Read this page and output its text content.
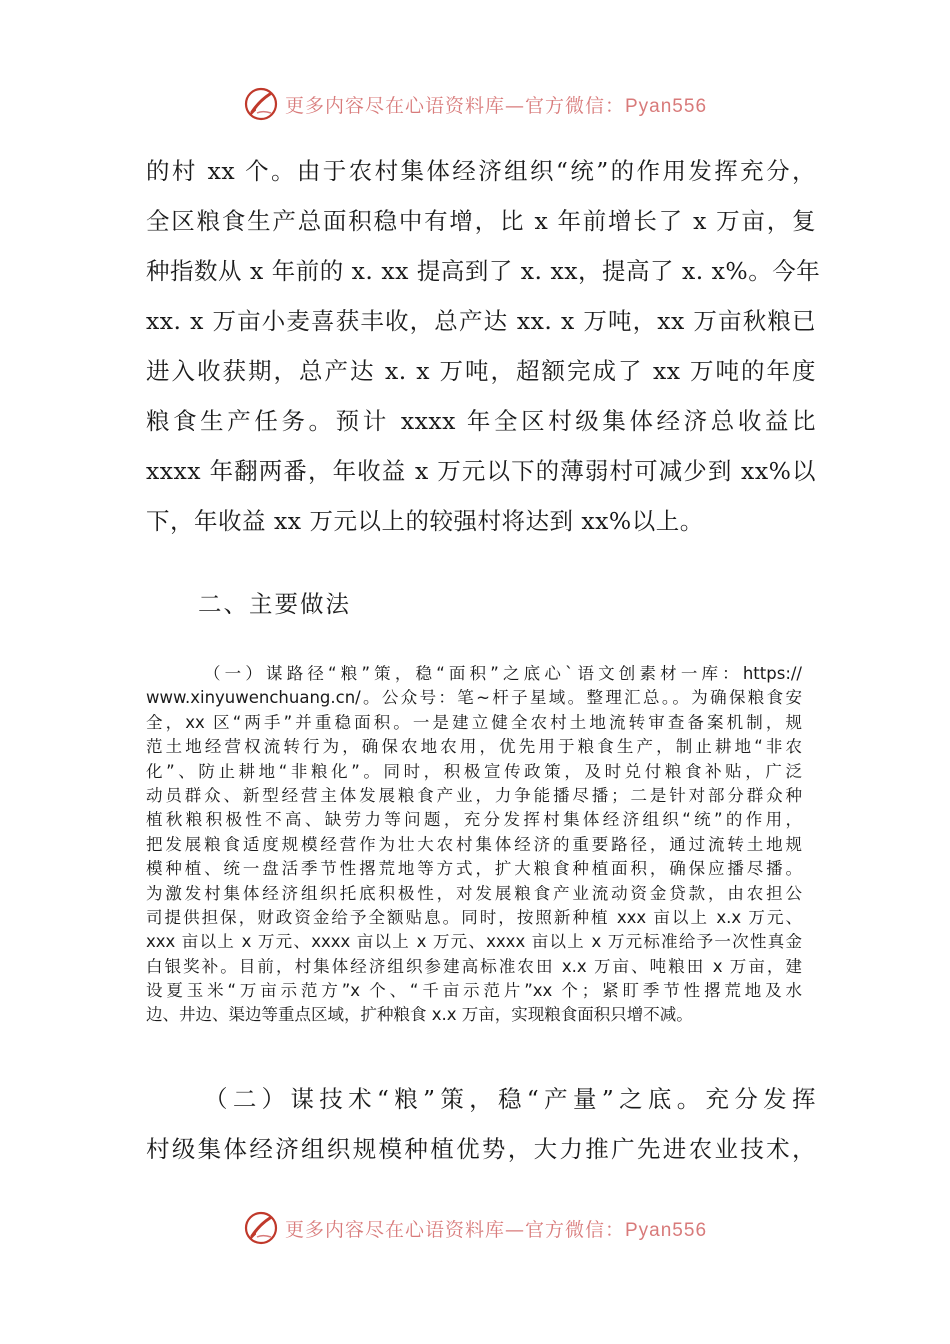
更多内容尽在心语资料库—官方微信：Pyan556
的村 xx 个。由于农村集体经济组织“统”的作用发挥充分，
全区粮食生产总面积稳中有增，比 x 年前增长了 x 万亩，复
种指数从 x 年前的 x. xx 提高到了 x. xx，提高了 x. x%。今年
xx. x 万亩小麦喜获丰收，总产达 xx. x 万吨，xx 万亩秋粮已
进入收获期，总产达 x. x 万吨，超额完成了 xx 万吨的年度
粮食生产任务。预计 xxxx 年全区村级集体经济总收益比
xxxx 年翻两番，年收益 x 万元以下的薄弱村可减少到 xx%以
下，年收益 xx 万元以上的较强村将达到 xx%以上。
二、主要做法
（一）谋路径“粮”策，稳“面积”之底心`语文创素材一库：https://
www.xinyuwenchuang.cn/。公众号：笔~杆子星域。整理汇总。。为确保粮食安
全，xx 区“两手”并重稳面积。一是建立健全农村土地流转审查备案机制，规
范土地经营权流转行为，确保农地农用，优先用于粮食生产，制止耕地“非农
化”、防止耕地“非粮化”。同时，积极宣传政策，及时兑付粮食补贴，广泛
动员群众、新型经营主体发展粮食产业，力争能播尽播；二是针对部分群众种
植秋粮积极性不高、缺劳力等问题，充分发挥村集体经济组织“统”的作用，
把发展粮食适度规模经营作为壮大农村集体经济的重要路径，通过流转土地规
模种植、统一盘活季节性撂荒地等方式，扩大粮食种植面积，确保应播尽播。
为激发村集体经济组织托底积极性，对发展粮食产业流动资金贷款，由农担公
司提供担保，财政资金给予全额贴息。同时，按照新种植 xxx 亩以上 x.x 万元、
xxx 亩以上 x 万元、xxxx 亩以上 x 万元、xxxx 亩以上 x 万元标准给予一次性真金
白银奖补。目前，村集体经济组织参建高标准农田 x.x 万亩、吨粮田 x 万亩，建
设夏玉米“万亩示范方”x 个、“千亩示范片”xx 个；紧盯季节性撂荒地及水
边、井边、渠边等重点区域，扩种粮食 x.x 万亩，实现粮食面积只增不减。
（二）谋技术“粮”策，稳“产量”之底。充分发挥
村级集体经济组织规模种植优势，大力推广先进农业技术，
更多内容尽在心语资料库—官方微信：Pyan556
